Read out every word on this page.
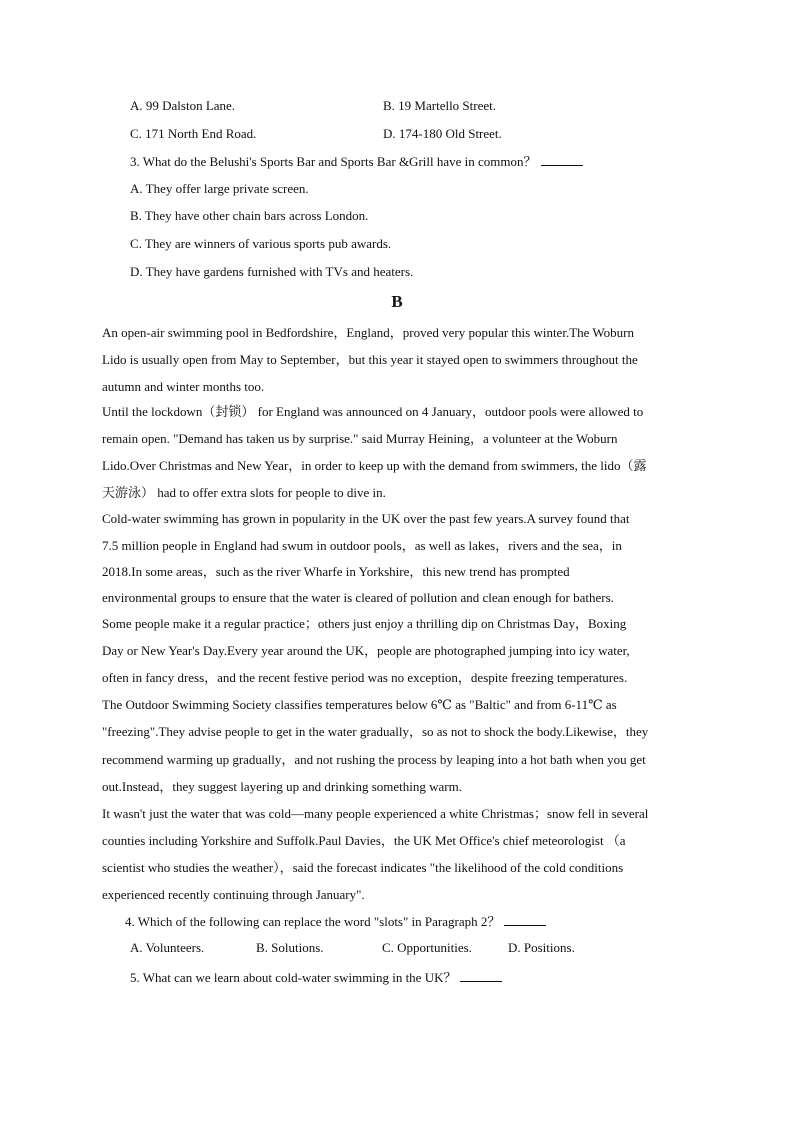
A. 99 Dalston Lane.	B. 19 Martello Street.
C. 171 North End Road.	D. 174-180 Old Street.
3. What do the Belushi's Sports Bar and Sports Bar &Grill have in common？
A. They offer large private screen.
B. They have other chain bars across London.
C. They are winners of various sports pub awards.
D. They have gardens furnished with TVs and heaters.
B
An open-air swimming pool in Bedfordshire，England，proved very popular this winter.The Woburn
Lido is usually open from May to September，but this year it stayed open to swimmers throughout the
autumn and winter months too.
Until the lockdown（封锁） for England was announced on 4 January，outdoor pools were allowed to
remain open. "Demand has taken us by surprise." said Murray Heining，a volunteer at the Woburn
Lido.Over Christmas and New Year，in order to keep up with the demand from swimmers, the lido（露
天游泳） had to offer extra slots for people to dive in.
Cold-water swimming has grown in popularity in the UK over the past few years.A survey found that
7.5 million people in England had swum in outdoor pools，as well as lakes，rivers and the sea，in
2018.In some areas，such as the river Wharfe in Yorkshire，this new trend has prompted
environmental groups to ensure that the water is cleared of pollution and clean enough for bathers.
Some people make it a regular practice；others just enjoy a thrilling dip on Christmas Day，Boxing
Day or New Year's Day.Every year around the UK，people are photographed jumping into icy water,
often in fancy dress，and the recent festive period was no exception，despite freezing temperatures.
The Outdoor Swimming Society classifies temperatures below 6℃ as "Baltic" and from 6-11℃ as
"freezing".They advise people to get in the water gradually，so as not to shock the body.Likewise，they
recommend warming up gradually，and not rushing the process by leaping into a hot bath when you get
out.Instead，they suggest layering up and drinking something warm.
It wasn't just the water that was cold—many people experienced a white Christmas；snow fell in several
counties including Yorkshire and Suffolk.Paul Davies，the UK Met Office's chief meteorologist （a
scientist who studies the weather），said the forecast indicates "the likelihood of the cold conditions
experienced recently continuing through January".
4. Which of the following can replace the word "slots" in Paragraph 2？
A. Volunteers.	B. Solutions.	C. Opportunities.	D. Positions.
5. What can we learn about cold-water swimming in the UK？
